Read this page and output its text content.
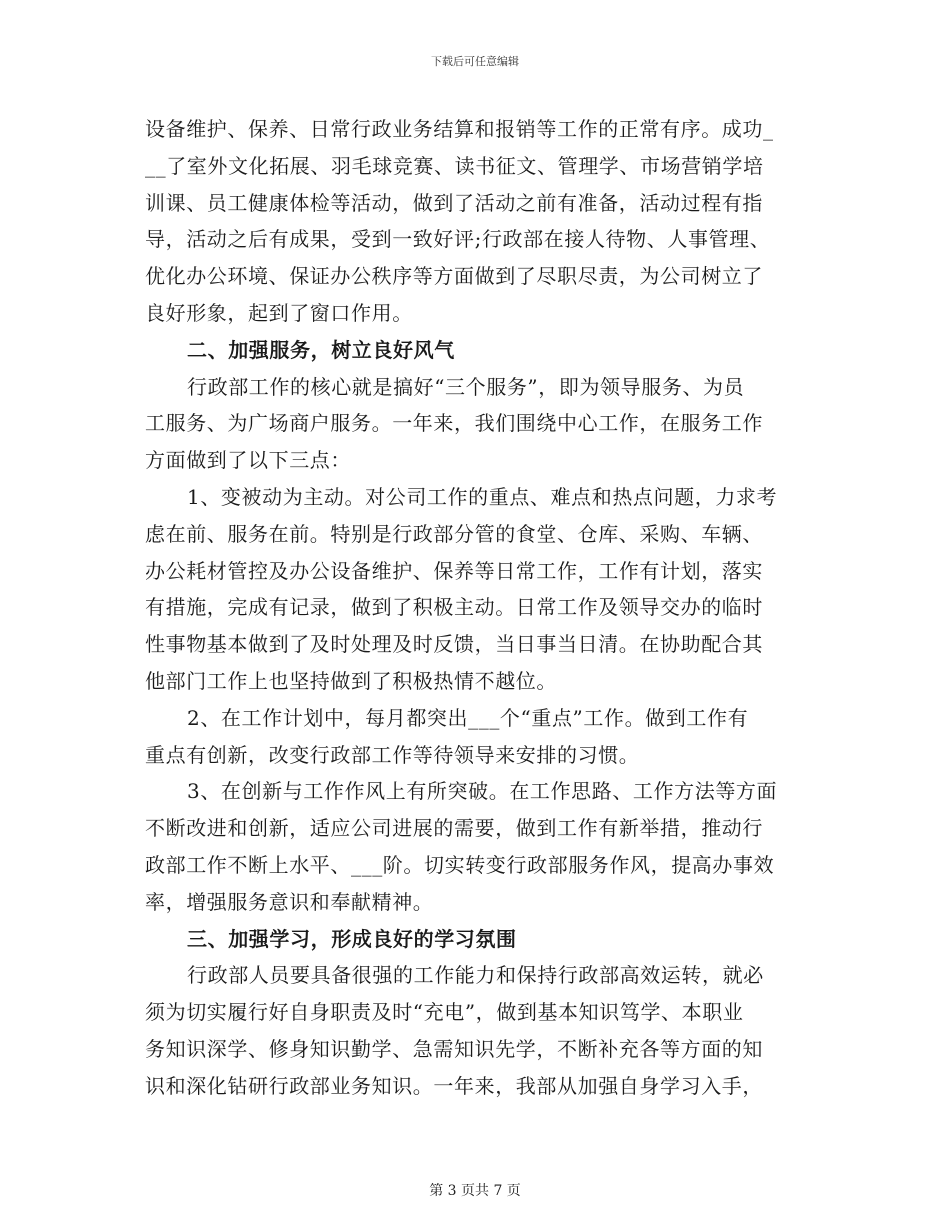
下载后可任意编辑
设备维护、保养、日常行政业务结算和报销等工作的正常有序。成功_
__了室外文化拓展、羽毛球竞赛、读书征文、管理学、市场营销学培
训课、员工健康体检等活动，做到了活动之前有准备，活动过程有指
导，活动之后有成果，受到一致好评;行政部在接人待物、人事管理、
优化办公环境、保证办公秩序等方面做到了尽职尽责，为公司树立了
良好形象，起到了窗口作用。
二、加强服务，树立良好风气
行政部工作的核心就是搞好“三个服务”，即为领导服务、为员
工服务、为广场商户服务。一年来，我们围绕中心工作，在服务工作
方面做到了以下三点：
1、变被动为主动。对公司工作的重点、难点和热点问题，力求考
虑在前、服务在前。特别是行政部分管的食堂、仓库、采购、车辆、
办公耗材管控及办公设备维护、保养等日常工作，工作有计划，落实
有措施，完成有记录，做到了积极主动。日常工作及领导交办的临时
性事物基本做到了及时处理及时反馈，当日事当日清。在协助配合其
他部门工作上也坚持做到了积极热情不越位。
2、在工作计划中，每月都突出___个“重点”工作。做到工作有
重点有创新，改变行政部工作等待领导来安排的习惯。
3、在创新与工作作风上有所突破。在工作思路、工作方法等方面
不断改进和创新，适应公司进展的需要，做到工作有新举措，推动行
政部工作不断上水平、___阶。切实转变行政部服务作风，提高办事效
率，增强服务意识和奉献精神。
三、加强学习，形成良好的学习氛围
行政部人员要具备很强的工作能力和保持行政部高效运转，就必
须为切实履行好自身职责及时“充电”，做到基本知识笃学、本职业
务知识深学、修身知识勤学、急需知识先学，不断补充各等方面的知
识和深化钻研行政部业务知识。一年来，我部从加强自身学习入手，
第 3 页共 7 页
